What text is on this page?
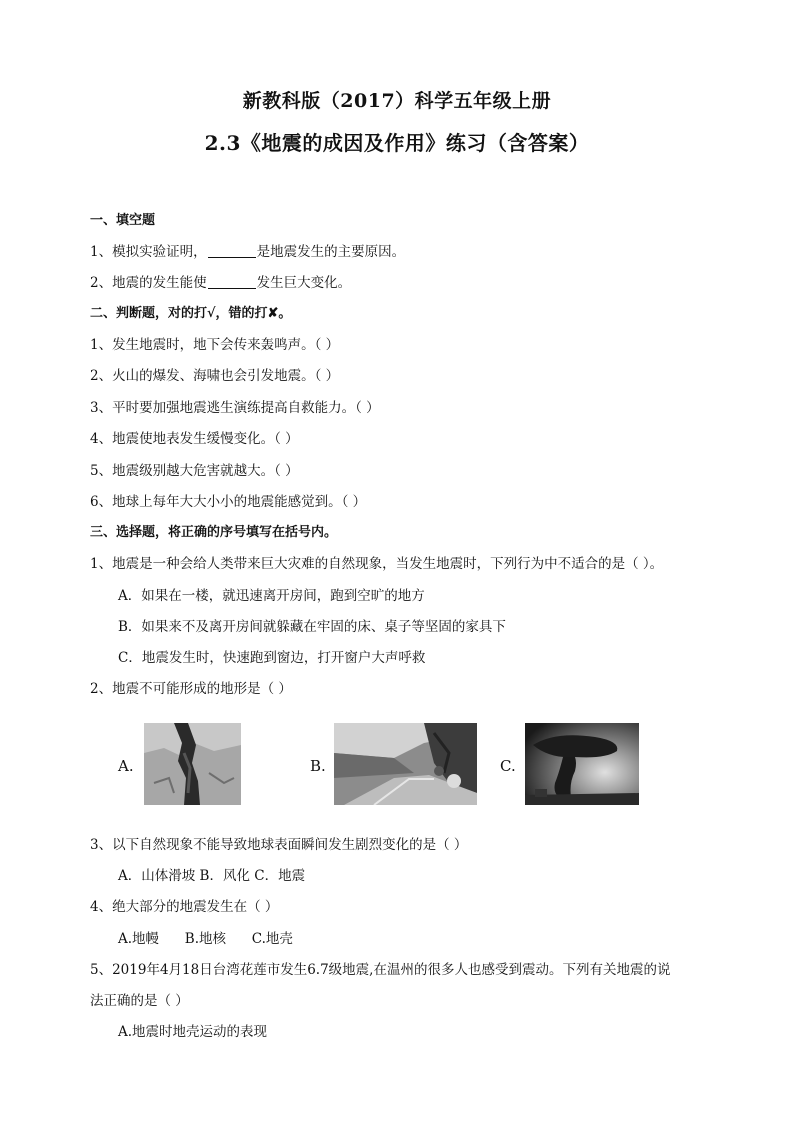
新教科版（2017）科学五年级上册
2.3《地震的成因及作用》练习（含答案）
一、填空题
1、模拟实验证明，	是地震发生的主要原因。
2、地震的发生能使	发生巨大变化。
二、判断题，对的打√，错的打✘。
1、发生地震时，地下会传来轰鸣声。（ ）
2、火山的爆发、海啸也会引发地震。（ ）
3、平时要加强地震逃生演练提高自救能力。（ ）
4、地震使地表发生缓慢变化。（ ）
5、地震级别越大危害就越大。（ ）
6、地球上每年大大小小的地震能感觉到。（ ）
三、选择题，将正确的序号填写在括号内。
1、地震是一种会给人类带来巨大灾难的自然现象，当发生地震时，下列行为中不适合的是（ ）。
A．如果在一楼，就迅速离开房间，跑到空旷的地方
B．如果来不及离开房间就躲藏在牢固的床、桌子等坚固的家具下
C．地震发生时，快速跑到窗边，打开窗户大声呼救
2、地震不可能形成的地形是（ ）
A.	B.	C.
3、以下自然现象不能导致地球表面瞬间发生剧烈变化的是（ ）
A．山体滑坡 B．风化 C．地震
4、绝大部分的地震发生在（ ）
A.地幔      B.地核      C.地壳
5、2019年4月18日台湾花莲市发生6.7级地震,在温州的很多人也感受到震动。下列有关地震的说
法正确的是（ ）
A.地震时地壳运动的表现
